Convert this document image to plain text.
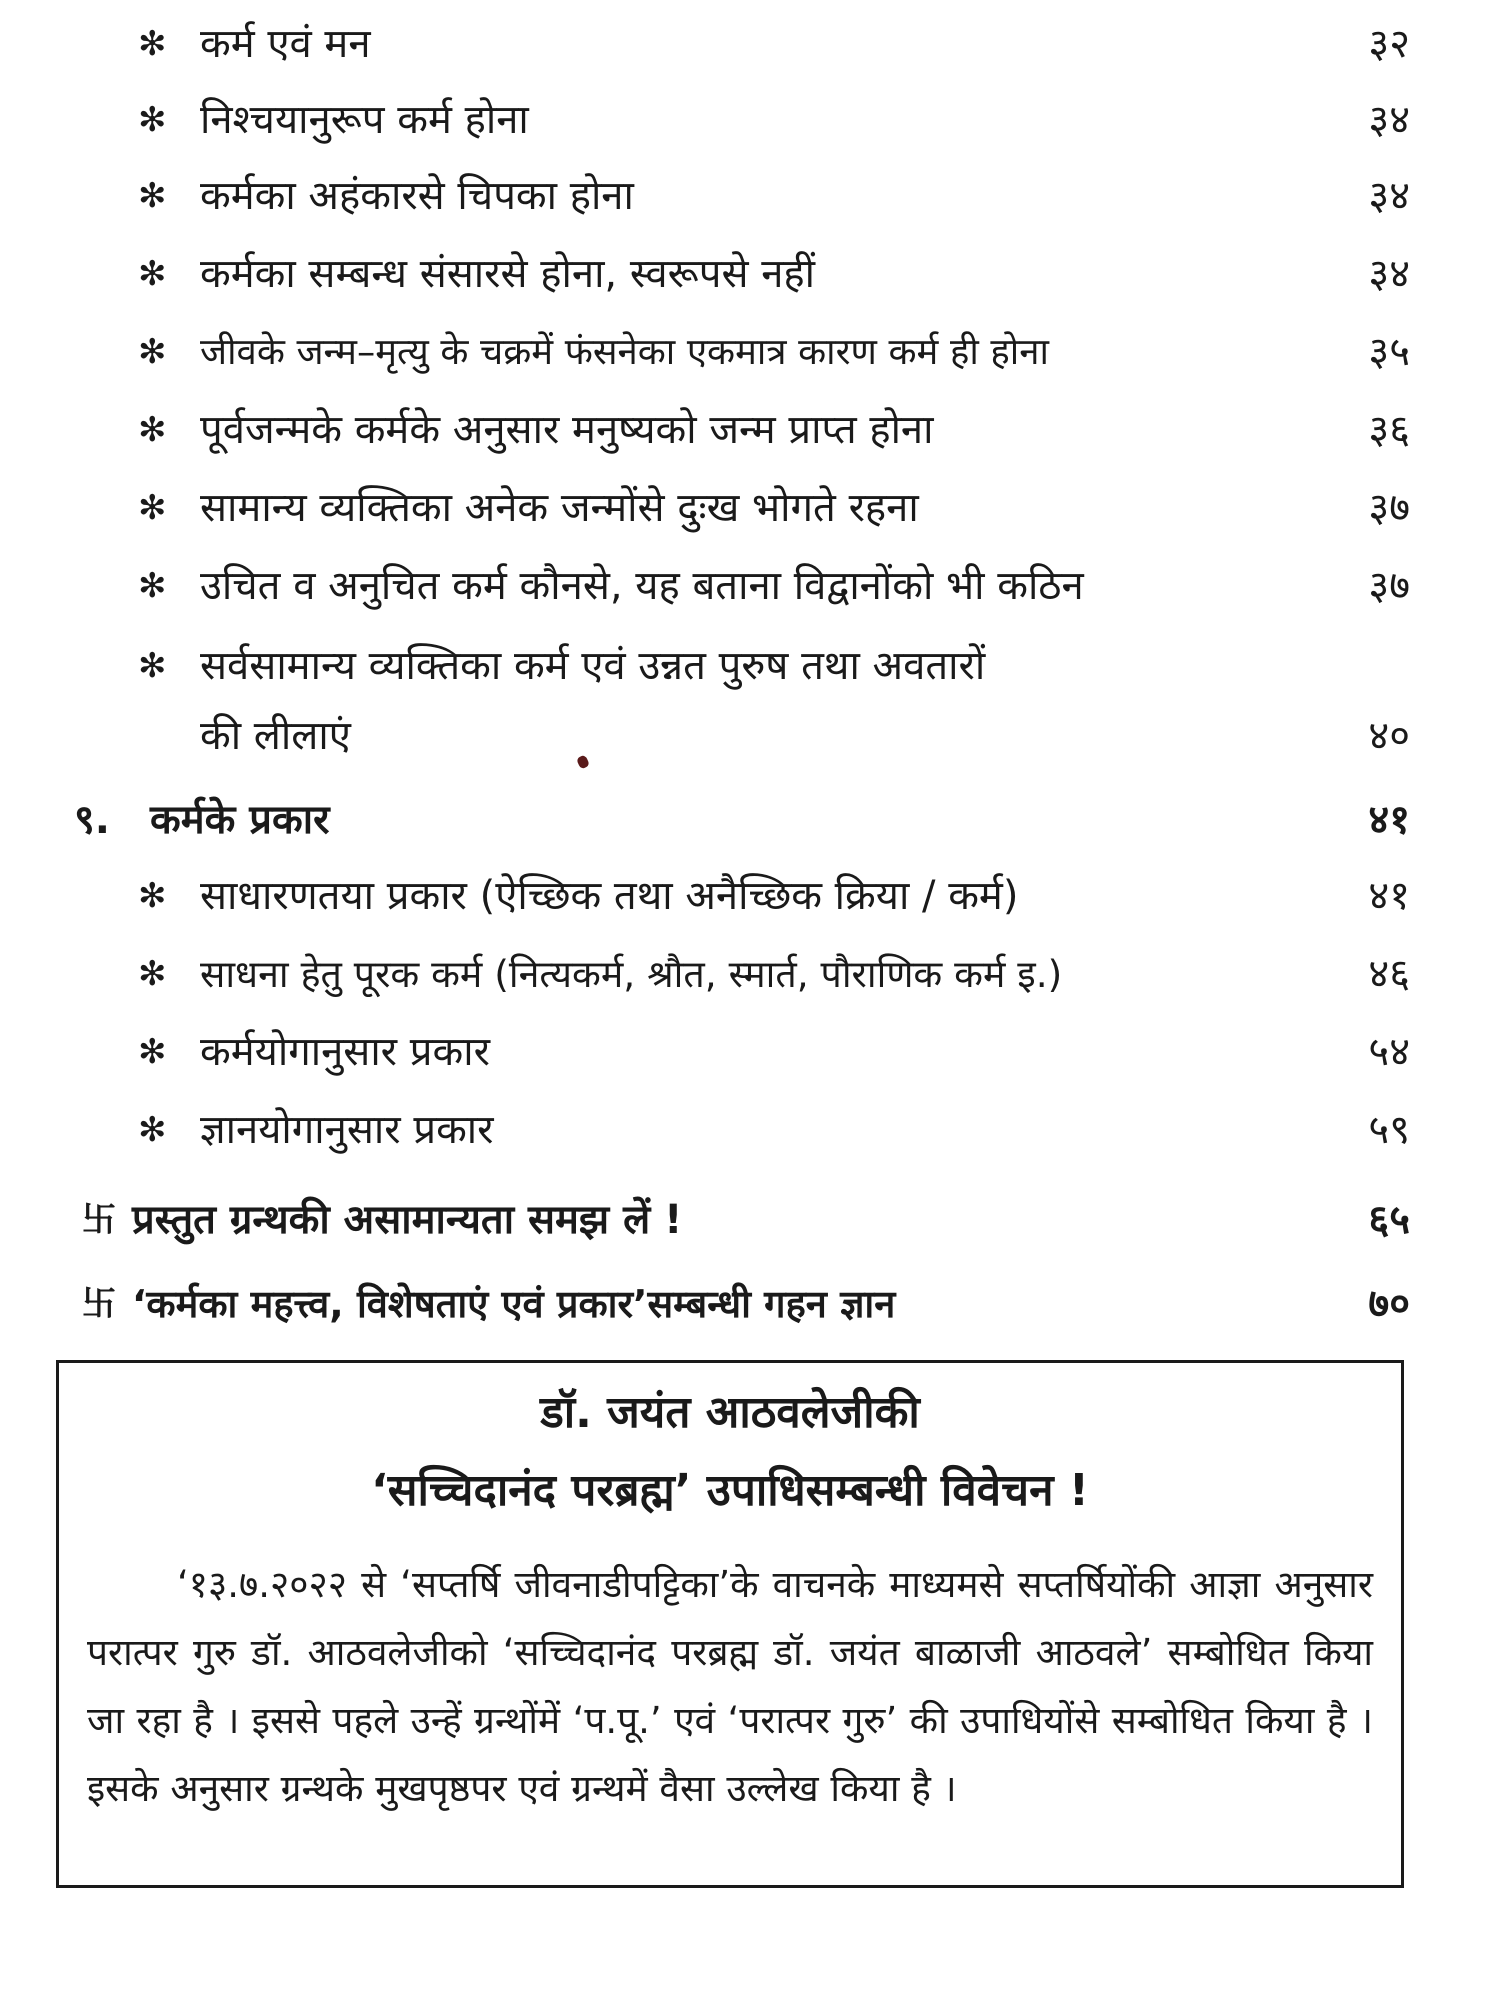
✻ कर्म एवं मन	३२
✻ निश्चयानुरूप कर्म होना	३४
✻ कर्मका अहंकारसे चिपका होना	३४
✻ कर्मका सम्बन्ध संसारसे होना, स्वरूपसे नहीं	३४
✻ जीवके जन्म–मृत्यु के चक्रमें फंसनेका एकमात्र कारण कर्म ही होना	३५
✻ पूर्वजन्मके कर्मके अनुसार मनुष्यको जन्म प्राप्त होना	३६
✻ सामान्य व्यक्तिका अनेक जन्मोंसे दुःख भोगते रहना	३७
✻ उचित व अनुचित कर्म कौनसे, यह बताना विद्वानोंको भी कठिन	३७
✻ सर्वसामान्य व्यक्तिका कर्म एवं उन्नत पुरुष तथा अवतारों
की लीलाएं	४०
९. कर्मके प्रकार	४१
✻ साधारणतया प्रकार (ऐच्छिक तथा अनैच्छिक क्रिया / कर्म)	४१
✻ साधना हेतु पूरक कर्म (नित्यकर्म, श्रौत, स्मार्त, पौराणिक कर्म इ.)	४६
✻ कर्मयोगानुसार प्रकार	५४
✻ ज्ञानयोगानुसार प्रकार	५९
卐 प्रस्तुत ग्रन्थकी असामान्यता समझ लें !	६५
卐 ‘कर्मका महत्त्व, विशेषताएं एवं प्रकार’सम्बन्धी गहन ज्ञान	७०
डॉ. जयंत आठवलेजीकी
‘सच्चिदानंद परब्रह्म’ उपाधिसम्बन्धी विवेचन !
‘१३.७.२०२२ से ‘सप्तर्षि जीवनाडीपट्टिका’के वाचनके माध्यमसे सप्तर्षियोंकी आज्ञा अनुसार परात्पर गुरु डॉ. आठवलेजीको ‘सच्चिदानंद परब्रह्म डॉ. जयंत बाळाजी आठवले’ सम्बोधित किया जा रहा है । इससे पहले उन्हें ग्रन्थोंमें ‘प.पू.’ एवं ‘परात्पर गुरु’ की उपाधियोंसे सम्बोधित किया है । इसके अनुसार ग्रन्थके मुखपृष्ठपर एवं ग्रन्थमें वैसा उल्लेख किया है ।
